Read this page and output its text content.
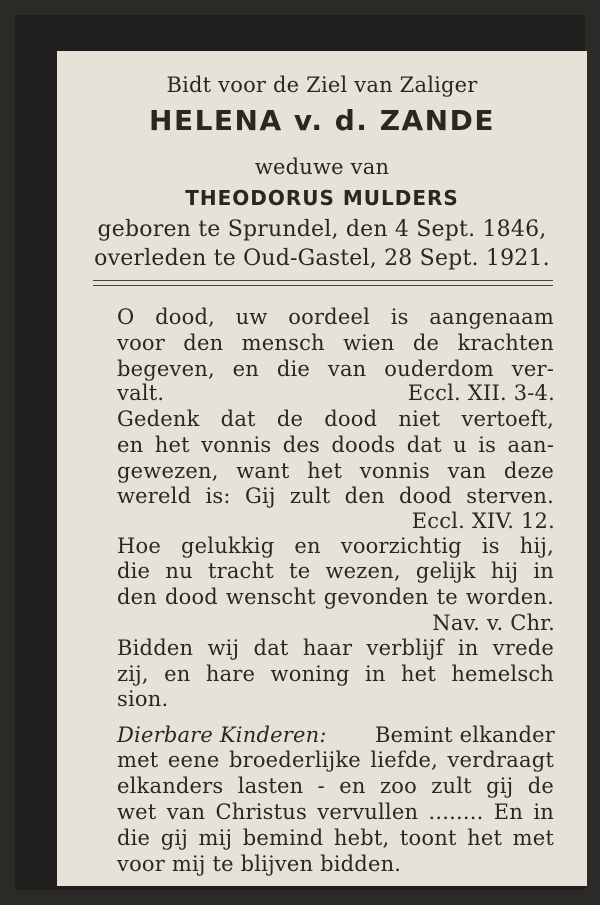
Bidt voor de Ziel van Zaliger
HELENA v. d. ZANDE
weduwe van
THEODORUS MULDERS
geboren te Sprundel, den 4 Sept. 1846,
overleden te Oud-Gastel, 28 Sept. 1921.
O dood, uw oordeel is aangenaam
voor den mensch wien de krachten
begeven, en die van ouderdom ver-
valt.	Eccl. XII. 3-4.
Gedenk dat de dood niet vertoeft,
en het vonnis des doods dat u is aan-
gewezen, want het vonnis van deze
wereld is: Gij zult den dood sterven.
Eccl. XIV. 12.
Hoe gelukkig en voorzichtig is hij,
die nu tracht te wezen, gelijk hij in
den dood wenscht gevonden te worden.
Nav. v. Chr.
Bidden wij dat haar verblijf in vrede
zij, en hare woning in het hemelsch
sion.
Dierbare Kinderen: Bemint elkander
met eene broederlijke liefde, verdraagt
elkanders lasten - en zoo zult gij de
wet van Christus vervullen ........ En in
die gij mij bemind hebt, toont het met
voor mij te blijven bidden.
